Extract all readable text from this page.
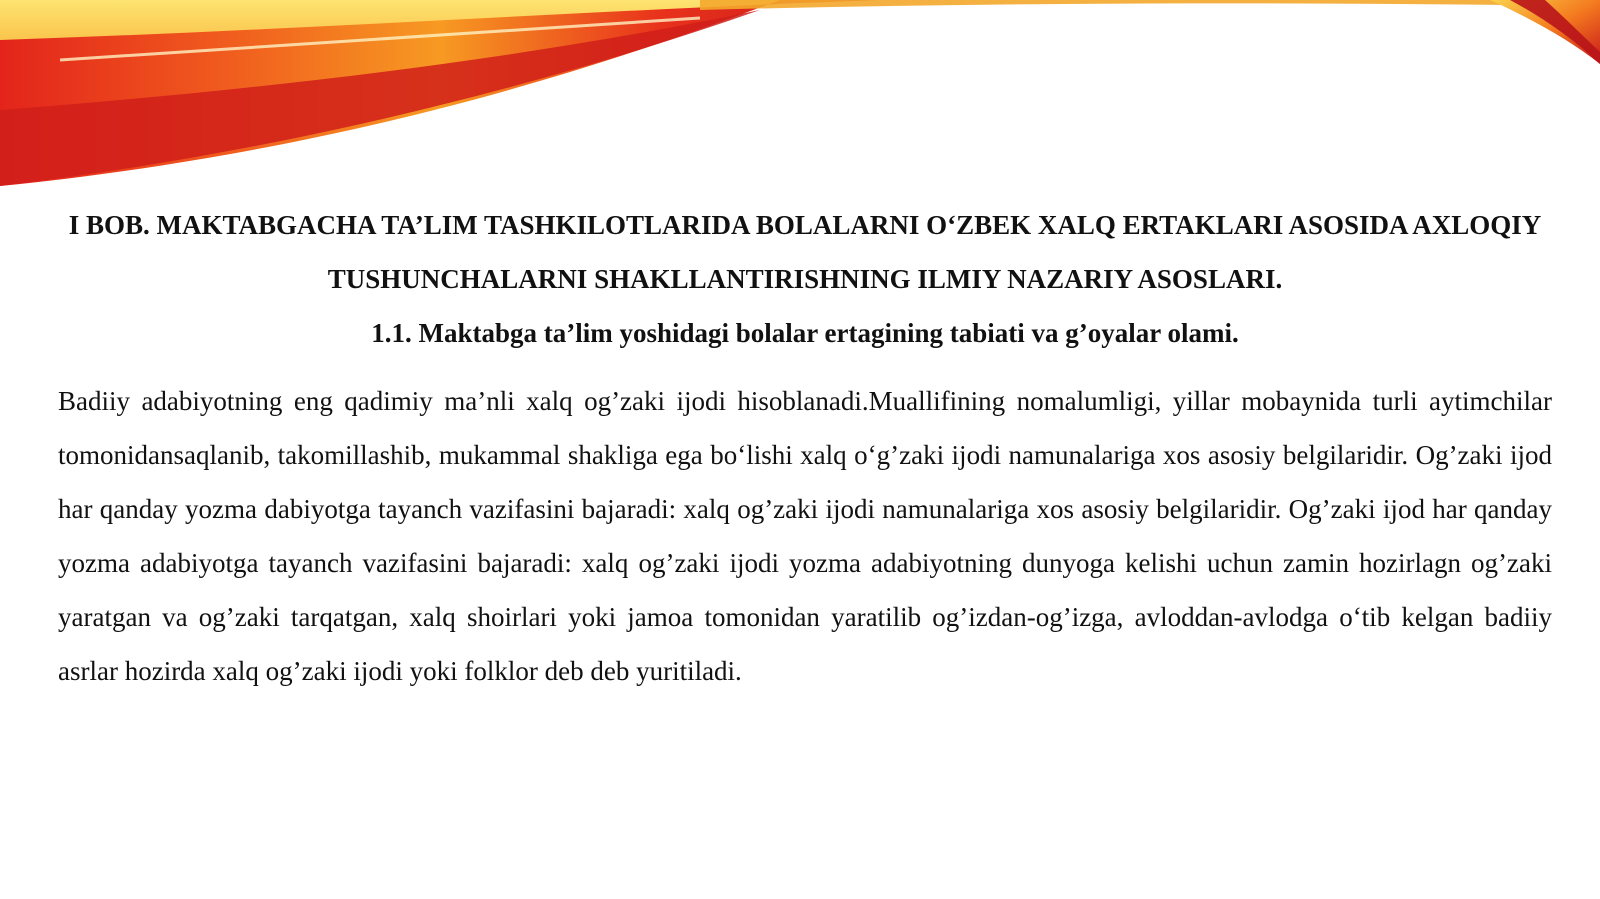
I BOB. MAKTABGACHA TA’LIM TASHKILOTLARIDA BOLALARNI O‘ZBEK XALQ ERTAKLARI ASOSIDA AXLOQIY TUSHUNCHALARNI SHAKLLANTIRISHNING ILMIY NAZARIY ASOSLARI.

1.1. Maktabga ta’lim yoshidagi bolalar ertagining tabiati va g’oyalar olami.

Badiiy adabiyotning eng qadimiy ma’nli xalq og’zaki ijodi hisoblanadi.Muallifining nomalumligi, yillar mobaynida turli aytimchilar tomonidansaqlanib, takomillashib, mukammal shakliga ega bo‘lishi xalq o‘g’zaki ijodi namunalariga xos asosiy belgilaridir. Og’zaki ijod har qanday yozma dabiyotga tayanch vazifasini bajaradi: xalq og’zaki ijodi namunalariga xos asosiy belgilaridir. Og’zaki ijod har qanday yozma adabiyotga tayanch vazifasini bajaradi: xalq og’zaki ijodi yozma adabiyotning dunyoga kelishi uchun zamin hozirlagn og’zaki yaratgan va og’zaki tarqatgan, xalq shoirlari yoki jamoa tomonidan yaratilib og’izdan-og’izga, avloddan-avlodga o‘tib kelgan badiiy asrlar hozirda xalq og’zaki ijodi yoki folklor deb deb yuritiladi.
